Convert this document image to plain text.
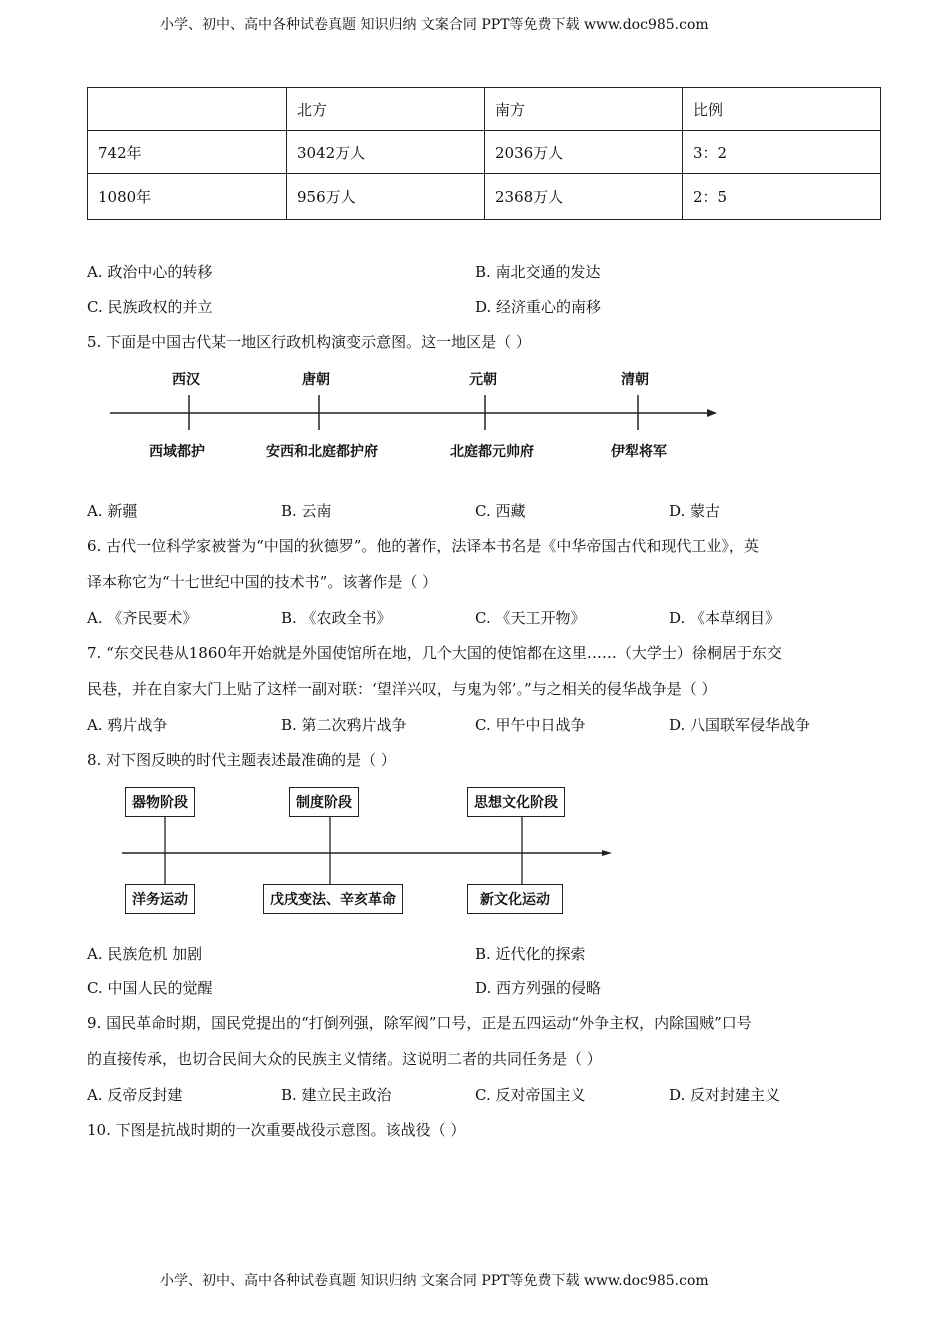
小学、初中、高中各种试卷真题 知识归纳 文案合同 PPT等免费下载 www.doc985.com
	北方	南方	比例
742年	3042万人	2036万人	3：2
1080年	956万人	2368万人	2：5
A. 政治中心的转移	B. 南北交通的发达
C. 民族政权的并立	D. 经济重心的南移
5. 下面是中国古代某一地区行政机构演变示意图。这一地区是（ ）
西汉	唐朝	元朝	清朝
西域都护	安西和北庭都护府	北庭都元帅府	伊犁将军
A. 新疆	B. 云南	C. 西藏	D. 蒙古
6. 古代一位科学家被誉为“中国的狄德罗”。他的著作，法译本书名是《中华帝国古代和现代工业》，英
译本称它为“十七世纪中国的技术书”。该著作是（ ）
A. 《齐民要术》	B. 《农政全书》	C. 《天工开物》	D. 《本草纲目》
7. “东交民巷从1860年开始就是外国使馆所在地，几个大国的使馆都在这里……（大学士）徐桐居于东交
民巷，并在自家大门上贴了这样一副对联：‘望洋兴叹，与鬼为邻’。”与之相关的侵华战争是（ ）
A. 鸦片战争	B. 第二次鸦片战争	C. 甲午中日战争	D. 八国联军侵华战争
8. 对下图反映的时代主题表述最准确的是（ ）
器物阶段	制度阶段	思想文化阶段
洋务运动	戊戌变法、辛亥革命	新文化运动
A. 民族危机 加剧	B. 近代化的探索
C. 中国人民的觉醒	D. 西方列强的侵略
9. 国民革命时期，国民党提出的“打倒列强，除军阀”口号，正是五四运动“外争主权，内除国贼”口号
的直接传承，也切合民间大众的民族主义情绪。这说明二者的共同任务是（ ）
A. 反帝反封建	B. 建立民主政治	C. 反对帝国主义	D. 反对封建主义
10. 下图是抗战时期的一次重要战役示意图。该战役（ ）
小学、初中、高中各种试卷真题 知识归纳 文案合同 PPT等免费下载 www.doc985.com
